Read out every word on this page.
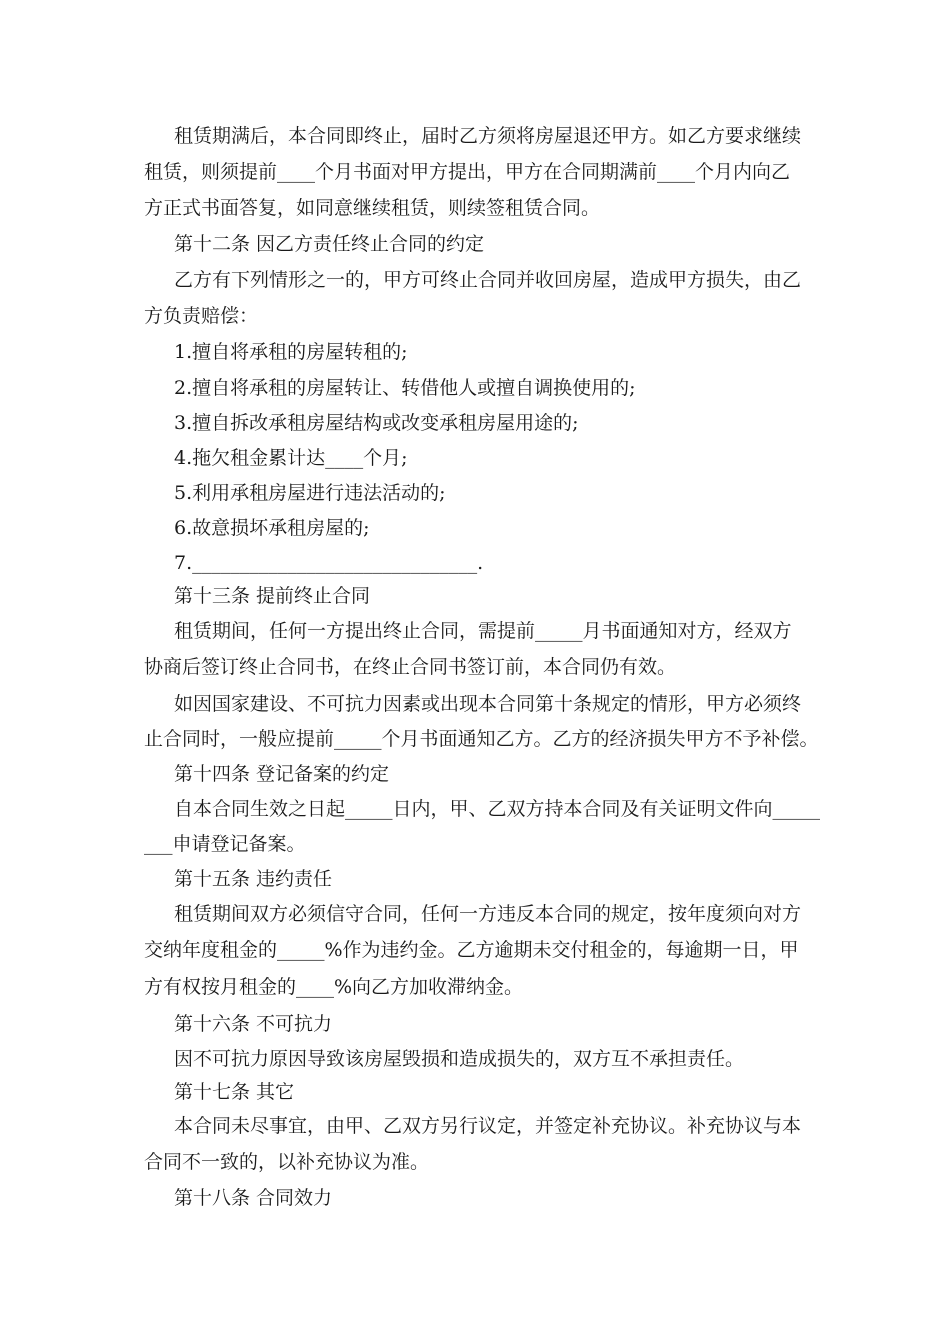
租赁期满后，本合同即终止，届时乙方须将房屋退还甲方。如乙方要求继续
租赁，则须提前____个月书面对甲方提出，甲方在合同期满前____个月内向乙
方正式书面答复，如同意继续租赁，则续签租赁合同。
第十二条 因乙方责任终止合同的约定
乙方有下列情形之一的，甲方可终止合同并收回房屋，造成甲方损失，由乙
方负责赔偿：
1.擅自将承租的房屋转租的;
2.擅自将承租的房屋转让、转借他人或擅自调换使用的;
3.擅自拆改承租房屋结构或改变承租房屋用途的;
4.拖欠租金累计达____个月;
5.利用承租房屋进行违法活动的;
6.故意损坏承租房屋的;
7.______________________________.
第十三条 提前终止合同
租赁期间，任何一方提出终止合同，需提前_____月书面通知对方，经双方
协商后签订终止合同书，在终止合同书签订前，本合同仍有效。
如因国家建设、不可抗力因素或出现本合同第十条规定的情形，甲方必须终
止合同时，一般应提前_____个月书面通知乙方。乙方的经济损失甲方不予补偿。
第十四条 登记备案的约定
自本合同生效之日起_____日内，甲、乙双方持本合同及有关证明文件向_____
___申请登记备案。
第十五条 违约责任
租赁期间双方必须信守合同，任何一方违反本合同的规定，按年度须向对方
交纳年度租金的_____%作为违约金。乙方逾期未交付租金的，每逾期一日，甲
方有权按月租金的____%向乙方加收滞纳金。
第十六条 不可抗力
因不可抗力原因导致该房屋毁损和造成损失的，双方互不承担责任。
第十七条 其它
本合同未尽事宜，由甲、乙双方另行议定，并签定补充协议。补充协议与本
合同不一致的，以补充协议为准。
第十八条 合同效力
